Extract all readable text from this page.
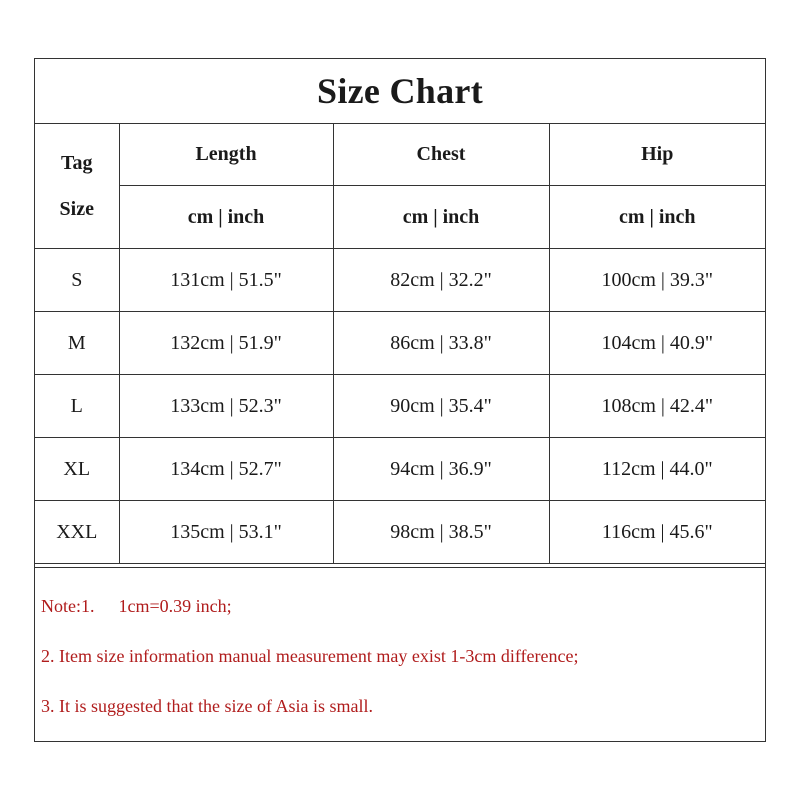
Size Chart
Tag
Size	Length	Chest	Hip
	cm | inch	cm | inch	cm | inch
S	131cm | 51.5"	82cm | 32.2"	100cm | 39.3"
M	132cm | 51.9"	86cm | 33.8"	104cm | 40.9"
L	133cm | 52.3"	90cm | 35.4"	108cm | 42.4"
XL	134cm | 52.7"	94cm | 36.9"	112cm | 44.0"
XXL	135cm | 53.1"	98cm | 38.5"	116cm | 45.6"
Note:1. 1cm=0.39 inch;
2. Item size information manual measurement may exist 1-3cm difference;
3. It is suggested that the size of Asia is small.
